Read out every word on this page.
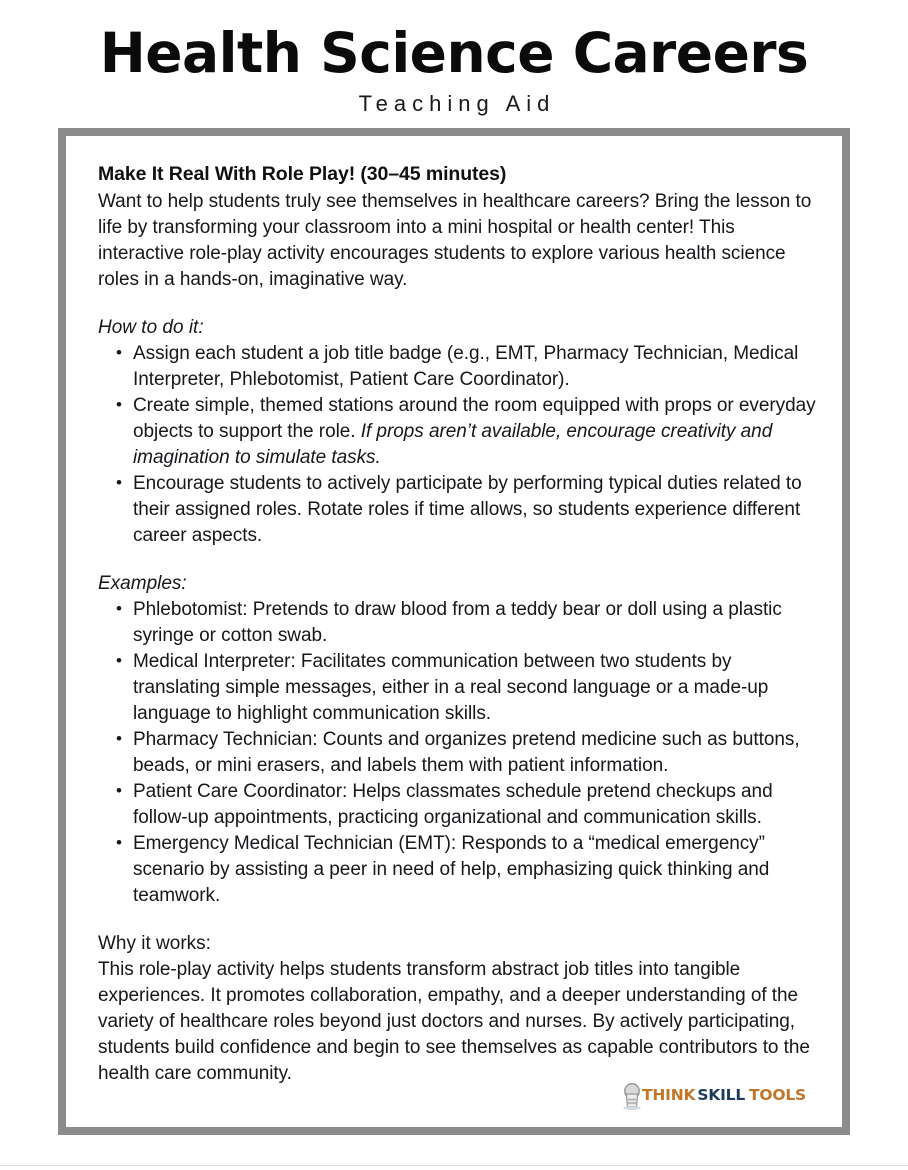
Health Science Careers
Teaching Aid
Make It Real With Role Play! (30–45 minutes)

Want to help students truly see themselves in healthcare careers? Bring the lesson to life by transforming your classroom into a mini hospital or health center! This interactive role-play activity encourages students to explore various health science roles in a hands-on, imaginative way.

How to do it:
• Assign each student a job title badge (e.g., EMT, Pharmacy Technician, Medical Interpreter, Phlebotomist, Patient Care Coordinator).
• Create simple, themed stations around the room equipped with props or everyday objects to support the role. If props aren’t available, encourage creativity and imagination to simulate tasks.
• Encourage students to actively participate by performing typical duties related to their assigned roles. Rotate roles if time allows, so students experience different career aspects.
Examples:
• Phlebotomist: Pretends to draw blood from a teddy bear or doll using a plastic syringe or cotton swab.
• Medical Interpreter: Facilitates communication between two students by translating simple messages, either in a real second language or a made-up language to highlight communication skills.
• Pharmacy Technician: Counts and organizes pretend medicine such as buttons, beads, or mini erasers, and labels them with patient information.
• Patient Care Coordinator: Helps classmates schedule pretend checkups and follow-up appointments, practicing organizational and communication skills.
• Emergency Medical Technician (EMT): Responds to a “medical emergency” scenario by assisting a peer in need of help, emphasizing quick thinking and teamwork.
Why it works:

This role-play activity helps students transform abstract job titles into tangible experiences. It promotes collaboration, empathy, and a deeper understanding of the variety of healthcare roles beyond just doctors and nurses. By actively participating, students build confidence and begin to see themselves as capable contributors to the health care community.

THINK SKILL TOOLS
